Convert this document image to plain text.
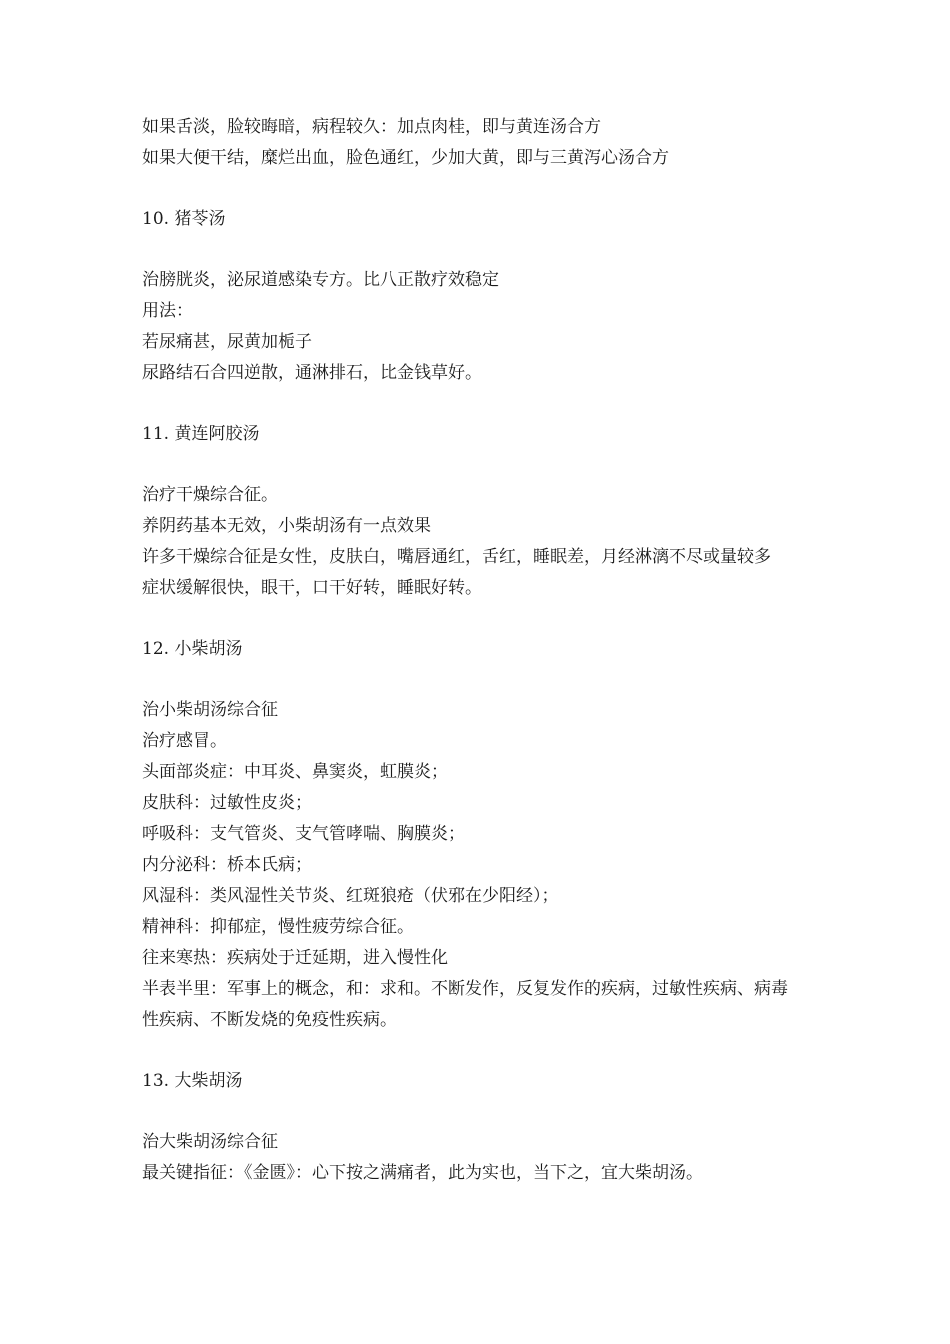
如果舌淡，脸较晦暗，病程较久：加点肉桂，即与黄连汤合方
如果大便干结，糜烂出血，脸色通红，少加大黄，即与三黄泻心汤合方
10. 猪苓汤
治膀胱炎，泌尿道感染专方。比八正散疗效稳定
用法：
若尿痛甚，尿黄加栀子
尿路结石合四逆散，通淋排石，比金钱草好。
11. 黄连阿胶汤
治疗干燥综合征。
养阴药基本无效，小柴胡汤有一点效果
许多干燥综合征是女性，皮肤白，嘴唇通红，舌红，睡眠差，月经淋漓不尽或量较多
症状缓解很快，眼干，口干好转，睡眠好转。
12. 小柴胡汤
治小柴胡汤综合征
治疗感冒。
头面部炎症：中耳炎、鼻窦炎，虹膜炎；
皮肤科：过敏性皮炎；
呼吸科：支气管炎、支气管哮喘、胸膜炎；
内分泌科：桥本氏病；
风湿科：类风湿性关节炎、红斑狼疮（伏邪在少阳经）；
精神科：抑郁症，慢性疲劳综合征。
往来寒热：疾病处于迁延期，进入慢性化
半表半里：军事上的概念，和：求和。不断发作，反复发作的疾病，过敏性疾病、病毒性疾病、不断发烧的免疫性疾病。
13. 大柴胡汤
治大柴胡汤综合征
最关键指征：《金匮》：心下按之满痛者，此为实也，当下之，宜大柴胡汤。
